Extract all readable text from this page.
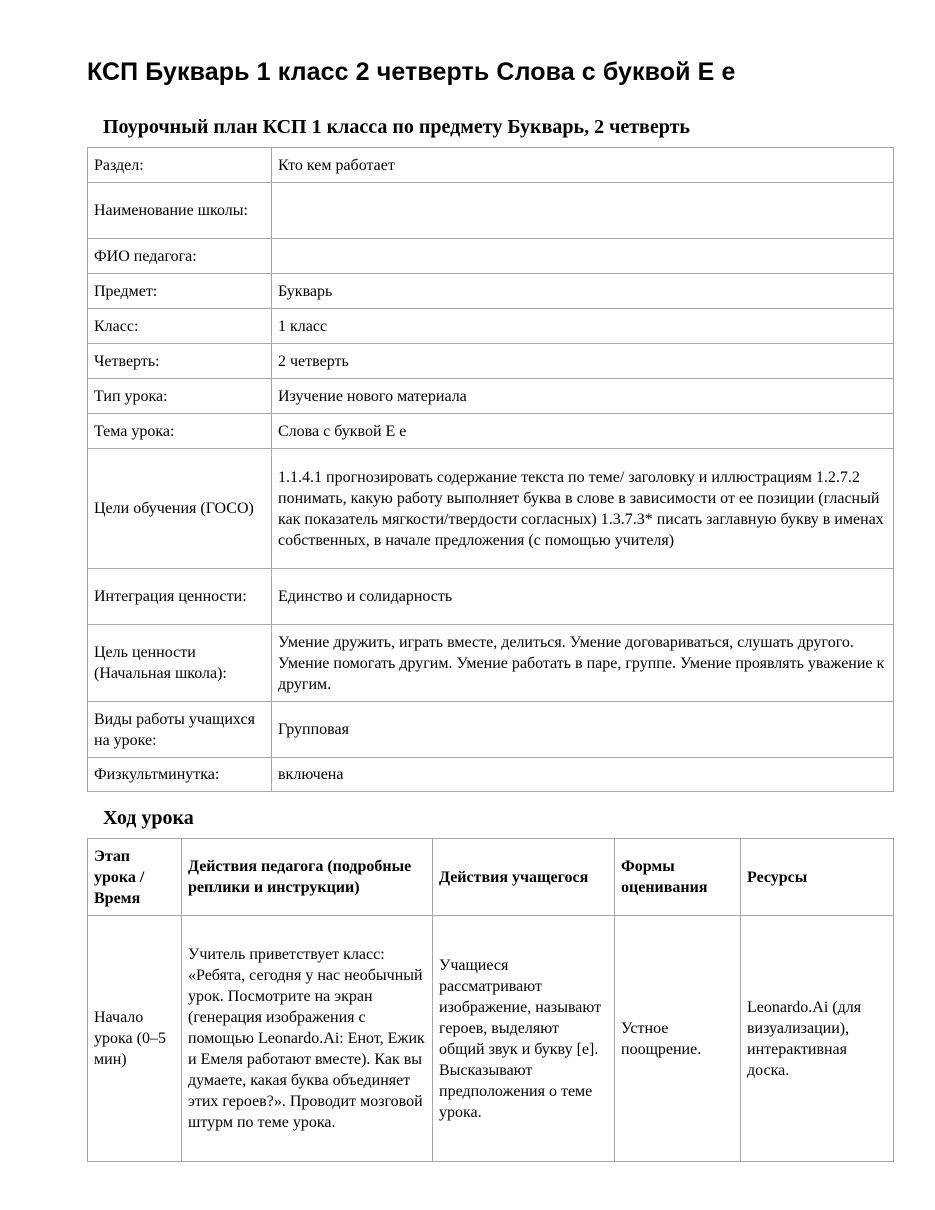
КСП Букварь 1 класс 2 четверть Слова с буквой Е е
Поурочный план КСП 1 класса по предмету Букварь, 2 четверть
Раздел:	Кто кем работает
Наименование школы:	
ФИО педагога:	
Предмет:	Букварь
Класс:	1 класс
Четверть:	2 четверть
Тип урока:	Изучение нового материала
Тема урока:	Слова с буквой Е е
Цели обучения (ГОСО)	1.1.4.1 прогнозировать содержание текста по теме/ заголовку и иллюстрациям 1.2.7.2 понимать, какую работу выполняет буква в слове в зависимости от ее позиции (гласный как показатель мягкости/твердости согласных) 1.3.7.3* писать заглавную букву в именах собственных, в начале предложения (с помощью учителя)
Интеграция ценности:	Единство и солидарность
Цель ценности (Начальная школа):	Умение дружить, играть вместе, делиться. Умение договариваться, слушать другого. Умение помогать другим. Умение работать в паре, группе. Умение проявлять уважение к другим.
Виды работы учащихся на уроке:	Групповая
Физкультминутка:	включена
Ход урока
Этап урока / Время	Действия педагога (подробные реплики и инструкции)	Действия учащегося	Формы оценивания	Ресурсы
Начало урока (0–5 мин)	Учитель приветствует класс: «Ребята, сегодня у нас необычный урок. Посмотрите на экран (генерация изображения с помощью Leonardo.Ai: Енот, Ежик и Емеля работают вместе). Как вы думаете, какая буква объединяет этих героев?». Проводит мозговой штурм по теме урока.	Учащиеся рассматривают изображение, называют героев, выделяют общий звук и букву [е]. Высказывают предположения о теме урока.	Устное поощрение.	Leonardo.Ai (для визуализации), интерактивная доска.
